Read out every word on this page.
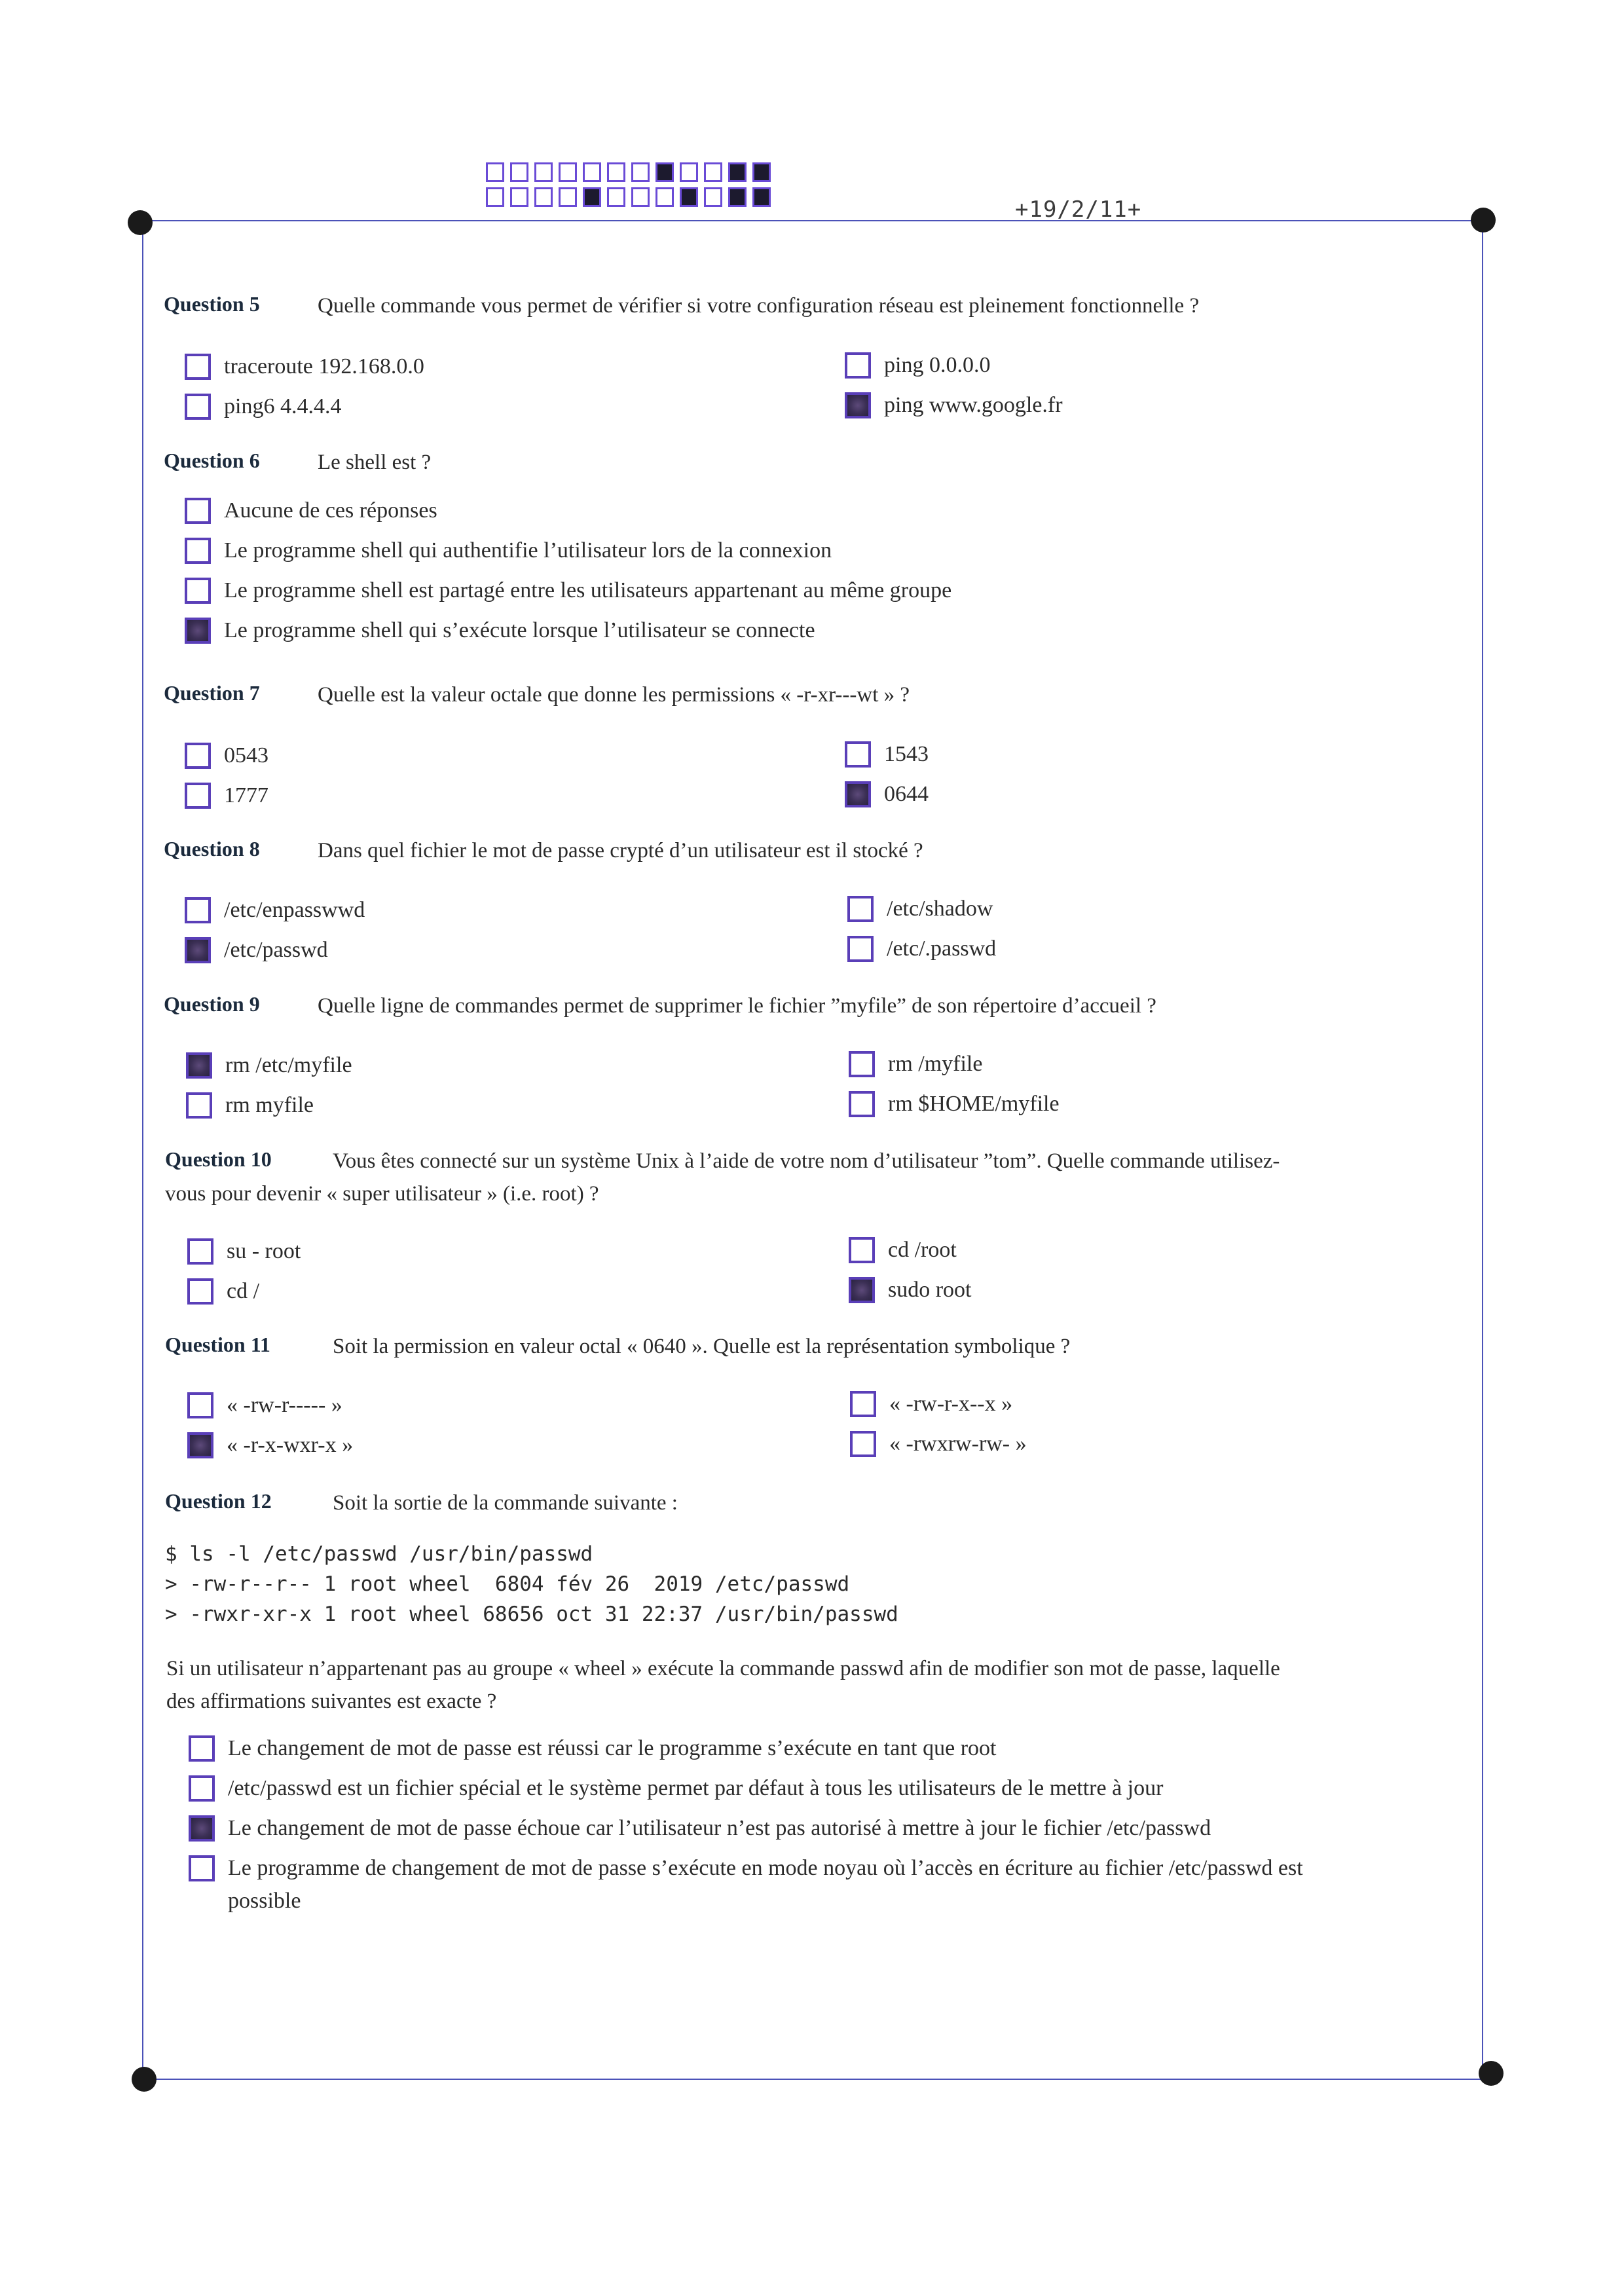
+19/2/11+
Question 5	Quelle commande vous permet de vérifier si votre configuration réseau est pleinement fonctionnelle ?
traceroute 192.168.0.0	ping 0.0.0.0
ping6 4.4.4.4	ping www.google.fr
Question 6	Le shell est ?
Aucune de ces réponses
Le programme shell qui authentifie l’utilisateur lors de la connexion
Le programme shell est partagé entre les utilisateurs appartenant au même groupe
Le programme shell qui s’exécute lorsque l’utilisateur se connecte
Question 7	Quelle est la valeur octale que donne les permissions « -r-xr---wt » ?
0543	1543
1777	0644
Question 8	Dans quel fichier le mot de passe crypté d’un utilisateur est il stocké ?
/etc/enpasswwd	/etc/shadow
/etc/passwd	/etc/.passwd
Question 9	Quelle ligne de commandes permet de supprimer le fichier ”myfile” de son répertoire d’accueil ?
rm /etc/myfile	rm /myfile
rm myfile	rm $HOME/myfile
Question 10	Vous êtes connecté sur un système Unix à l’aide de votre nom d’utilisateur ”tom”. Quelle commande utilisez-
vous pour devenir « super utilisateur » (i.e. root) ?
su - root	cd /root
cd /	sudo root
Question 11	Soit la permission en valeur octal « 0640 ». Quelle est la représentation symbolique ?
« -rw-r----- »	« -rw-r-x--x »
« -r-x-wxr-x »	« -rwxrw-rw- »
Question 12	Soit la sortie de la commande suivante :
$ ls -l /etc/passwd /usr/bin/passwd
> -rw-r--r-- 1 root wheel  6804 fév 26  2019 /etc/passwd
> -rwxr-xr-x 1 root wheel 68656 oct 31 22:37 /usr/bin/passwd
Si un utilisateur n’appartenant pas au groupe « wheel » exécute la commande passwd afin de modifier son mot de passe, laquelle
des affirmations suivantes est exacte ?
Le changement de mot de passe est réussi car le programme s’exécute en tant que root
/etc/passwd est un fichier spécial et le système permet par défaut à tous les utilisateurs de le mettre à jour
Le changement de mot de passe échoue car l’utilisateur n’est pas autorisé à mettre à jour le fichier /etc/passwd
Le programme de changement de mot de passe s’exécute en mode noyau où l’accès en écriture au fichier /etc/passwd est
possible
